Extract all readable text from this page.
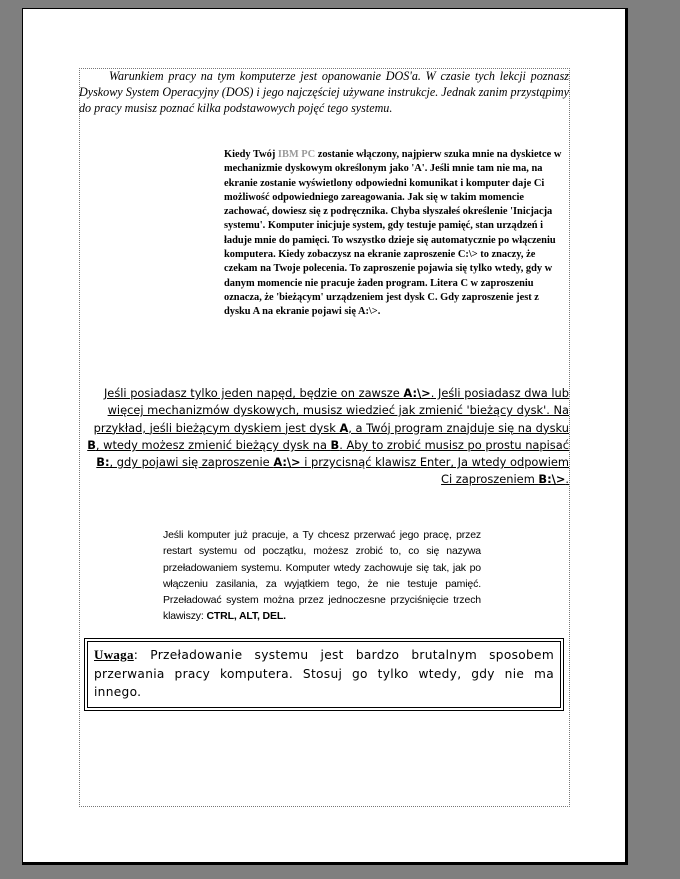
Warunkiem pracy na tym komputerze jest opanowanie DOS'a. W czasie tych lekcji poznasz Dyskowy System Operacyjny (DOS) i jego najczęściej używane instrukcje. Jednak zanim przystąpimy do pracy musisz poznać kilka podstawowych pojęć tego systemu.

Kiedy Twój IBM PC zostanie włączony, najpierw szuka mnie na dyskietce w mechanizmie dyskowym określonym jako 'A'. Jeśli mnie tam nie ma, na ekranie zostanie wyświetlony odpowiedni komunikat i komputer daje Ci możliwość odpowiedniego zareagowania. Jak się w takim momencie zachować, dowiesz się z podręcznika. Chyba słyszałeś określenie 'Inicjacja systemu'. Komputer inicjuje system, gdy testuje pamięć, stan urządzeń i ładuje mnie do pamięci. To wszystko dzieje się automatycznie po włączeniu komputera. Kiedy zobaczysz na ekranie zaproszenie C:\> to znaczy, że czekam na Twoje polecenia. To zaproszenie pojawia się tylko wtedy, gdy w danym momencie nie pracuje żaden program. Litera C w zaproszeniu oznacza, że 'bieżącym' urządzeniem jest dysk C. Gdy zaproszenie jest z dysku A na ekranie pojawi się A:\>.

Jeśli posiadasz tylko jeden napęd, będzie on zawsze A:\>. Jeśli posiadasz dwa lub więcej mechanizmów dyskowych, musisz wiedzieć jak zmienić 'bieżący dysk'. Na przykład, jeśli bieżącym dyskiem jest dysk A, a Twój program znajduje się na dysku B, wtedy możesz zmienić bieżący dysk na B. Aby to zrobić musisz po prostu napisać B:, gdy pojawi się zaproszenie A:\> i przycisnąć klawisz Enter, Ja wtedy odpowiem Ci zaproszeniem B:\>.

Jeśli komputer już pracuje, a Ty chcesz przerwać jego pracę, przez restart systemu od początku, możesz zrobić to, co się nazywa przeładowaniem systemu. Komputer wtedy zachowuje się tak, jak po włączeniu zasilania, za wyjątkiem tego, że nie testuje pamięć. Przeładować system można przez jednoczesne przyciśnięcie trzech klawiszy: CTRL, ALT, DEL.

Uwaga: Przeładowanie systemu jest bardzo brutalnym sposobem przerwania pracy komputera. Stosuj go tylko wtedy, gdy nie ma innego.
